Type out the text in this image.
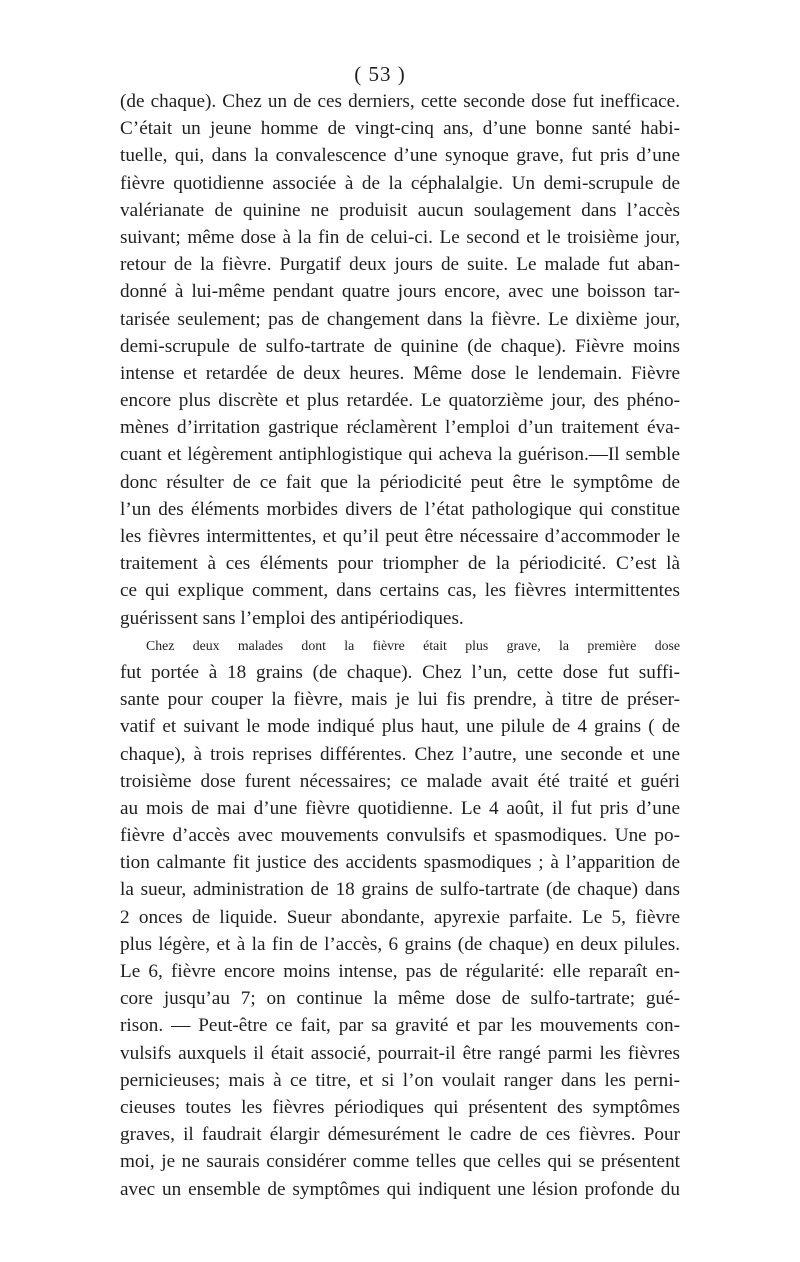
( 53 )
(de chaque). Chez un de ces derniers, cette seconde dose fut inefficace.
C’était un jeune homme de vingt-cinq ans, d’une bonne santé habi-
tuelle, qui, dans la convalescence d’une synoque grave, fut pris d’une
fièvre quotidienne associée à de la céphalalgie. Un demi-scrupule de
valérianate de quinine ne produisit aucun soulagement dans l’accès
suivant; même dose à la fin de celui-ci. Le second et le troisième jour,
retour de la fièvre. Purgatif deux jours de suite. Le malade fut aban-
donné à lui-même pendant quatre jours encore, avec une boisson tar-
tarisée seulement; pas de changement dans la fièvre. Le dixième jour,
demi-scrupule de sulfo-tartrate de quinine (de chaque). Fièvre moins
intense et retardée de deux heures. Même dose le lendemain. Fièvre
encore plus discrète et plus retardée. Le quatorzième jour, des phéno-
mènes d’irritation gastrique réclamèrent l’emploi d’un traitement éva-
cuant et légèrement antiphlogistique qui acheva la guérison.—Il semble
donc résulter de ce fait que la périodicité peut être le symptôme de
l’un des éléments morbides divers de l’état pathologique qui constitue
les fièvres intermittentes, et qu’il peut être nécessaire d’accommoder le
traitement à ces éléments pour triompher de la périodicité. C’est là
ce qui explique comment, dans certains cas, les fièvres intermittentes
guérissent sans l’emploi des antipériodiques.
Chez deux malades dont la fièvre était plus grave, la première dose
fut portée à 18 grains (de chaque). Chez l’un, cette dose fut suffi-
sante pour couper la fièvre, mais je lui fis prendre, à titre de préser-
vatif et suivant le mode indiqué plus haut, une pilule de 4 grains ( de
chaque), à trois reprises différentes. Chez l’autre, une seconde et une
troisième dose furent nécessaires; ce malade avait été traité et guéri
au mois de mai d’une fièvre quotidienne. Le 4 août, il fut pris d’une
fièvre d’accès avec mouvements convulsifs et spasmodiques. Une po-
tion calmante fit justice des accidents spasmodiques ; à l’apparition de
la sueur, administration de 18 grains de sulfo-tartrate (de chaque) dans
2 onces de liquide. Sueur abondante, apyrexie parfaite. Le 5, fièvre
plus légère, et à la fin de l’accès, 6 grains (de chaque) en deux pilules.
Le 6, fièvre encore moins intense, pas de régularité: elle reparaît en-
core jusqu’au 7; on continue la même dose de sulfo-tartrate; gué-
rison. — Peut-être ce fait, par sa gravité et par les mouvements con-
vulsifs auxquels il était associé, pourrait-il être rangé parmi les fièvres
pernicieuses; mais à ce titre, et si l’on voulait ranger dans les perni-
cieuses toutes les fièvres périodiques qui présentent des symptômes
graves, il faudrait élargir démesurément le cadre de ces fièvres. Pour
moi, je ne saurais considérer comme telles que celles qui se présentent
avec un ensemble de symptômes qui indiquent une lésion profonde du
